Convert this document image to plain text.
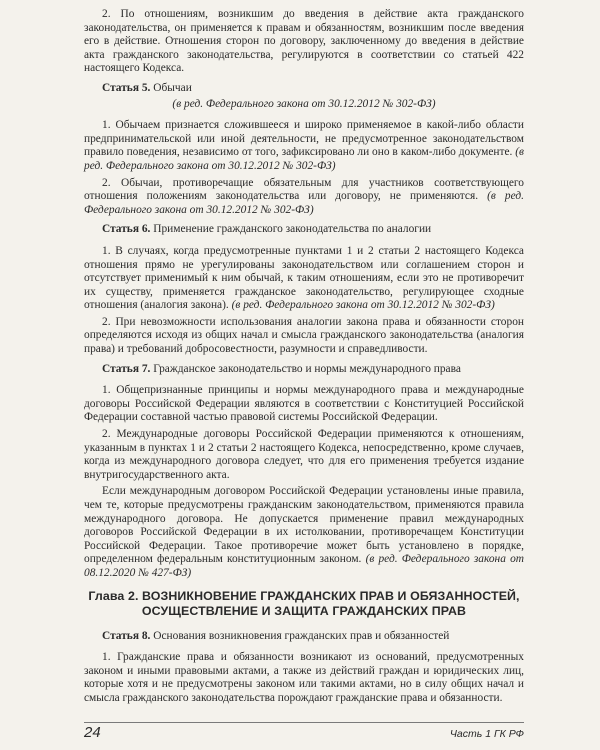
2. По отношениям, возникшим до введения в действие акта гражданского законодательства, он применяется к правам и обязанностям, возникшим после введения его в действие. Отношения сторон по договору, заключенному до введения в действие акта гражданского законодательства, регулируются в соответствии со статьей 422 настоящего Кодекса.

Статья 5. Обычаи

(в ред. Федерального закона от 30.12.2012 № 302-ФЗ)

1. Обычаем признается сложившееся и широко применяемое в какой-либо области предпринимательской или иной деятельности, не предусмотренное законодательством правило поведения, независимо от того, зафиксировано ли оно в каком-либо документе. (в ред. Федерального закона от 30.12.2012 № 302-ФЗ)

2. Обычаи, противоречащие обязательным для участников соответствующего отношения положениям законодательства или договору, не применяются. (в ред. Федерального закона от 30.12.2012 № 302-ФЗ)

Статья 6. Применение гражданского законодательства по аналогии

1. В случаях, когда предусмотренные пунктами 1 и 2 статьи 2 настоящего Кодекса отношения прямо не урегулированы законодательством или соглашением сторон и отсутствует применимый к ним обычай, к таким отношениям, если это не противоречит их существу, применяется гражданское законодательство, регулирующее сходные отношения (аналогия закона). (в ред. Федерального закона от 30.12.2012 № 302-ФЗ)

2. При невозможности использования аналогии закона права и обязанности сторон определяются исходя из общих начал и смысла гражданского законодательства (аналогия права) и требований добросовестности, разумности и справедливости.

Статья 7. Гражданское законодательство и нормы международного права

1. Общепризнанные принципы и нормы международного права и международные договоры Российской Федерации являются в соответствии с Конституцией Российской Федерации составной частью правовой системы Российской Федерации.

2. Международные договоры Российской Федерации применяются к отношениям, указанным в пунктах 1 и 2 статьи 2 настоящего Кодекса, непосредственно, кроме случаев, когда из международного договора следует, что для его применения требуется издание внутригосударственного акта.

Если международным договором Российской Федерации установлены иные правила, чем те, которые предусмотрены гражданским законодательством, применяются правила международного договора. Не допускается применение правил международных договоров Российской Федерации в их истолковании, противоречащем Конституции Российской Федерации. Такое противоречие может быть установлено в порядке, определенном федеральным конституционным законом. (в ред. Федерального закона от 08.12.2020 № 427-ФЗ)

Глава 2. ВОЗНИКНОВЕНИЕ ГРАЖДАНСКИХ ПРАВ И ОБЯЗАННОСТЕЙ, ОСУЩЕСТВЛЕНИЕ И ЗАЩИТА ГРАЖДАНСКИХ ПРАВ

Статья 8. Основания возникновения гражданских прав и обязанностей

1. Гражданские права и обязанности возникают из оснований, предусмотренных законом и иными правовыми актами, а также из действий граждан и юридических лиц, которые хотя и не предусмотрены законом или такими актами, но в силу общих начал и смысла гражданского законодательства порождают гражданские права и обязанности.

24	Часть 1 ГК РФ
